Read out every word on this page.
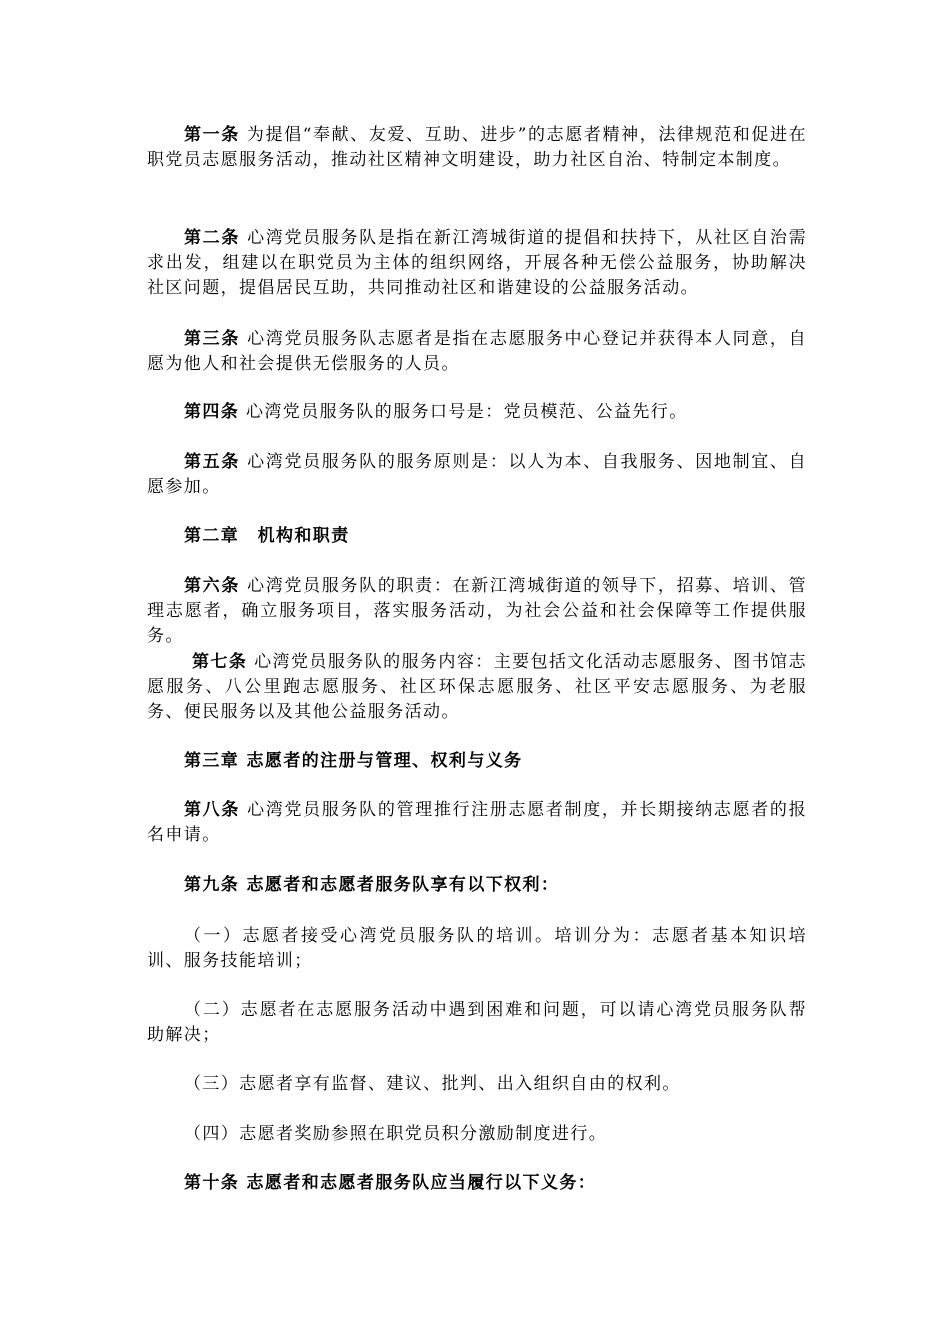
第一条 为提倡“奉献、友爱、互助、进步”的志愿者精神，法律规范和促进在职党员志愿服务活动，推动社区精神文明建设，助力社区自治、特制定本制度。

第二条 心湾党员服务队是指在新江湾城街道的提倡和扶持下，从社区自治需求出发，组建以在职党员为主体的组织网络，开展各种无偿公益服务，协助解决社区问题，提倡居民互助，共同推动社区和谐建设的公益服务活动。

第三条 心湾党员服务队志愿者是指在志愿服务中心登记并获得本人同意，自愿为他人和社会提供无偿服务的人员。

第四条 心湾党员服务队的服务口号是：党员模范、公益先行。

第五条 心湾党员服务队的服务原则是：以人为本、自我服务、因地制宜、自愿参加。

第二章　机构和职责

第六条 心湾党员服务队的职责：在新江湾城街道的领导下，招募、培训、管理志愿者，确立服务项目，落实服务活动，为社会公益和社会保障等工作提供服务。

第七条 心湾党员服务队的服务内容：主要包括文化活动志愿服务、图书馆志愿服务、八公里跑志愿服务、社区环保志愿服务、社区平安志愿服务、为老服务、便民服务以及其他公益服务活动。

第三章 志愿者的注册与管理、权利与义务

第八条 心湾党员服务队的管理推行注册志愿者制度，并长期接纳志愿者的报名申请。

第九条 志愿者和志愿者服务队享有以下权利：

（一）志愿者接受心湾党员服务队的培训。培训分为：志愿者基本知识培训、服务技能培训；

（二）志愿者在志愿服务活动中遇到困难和问题，可以请心湾党员服务队帮助解决；

（三）志愿者享有监督、建议、批判、出入组织自由的权利。

（四）志愿者奖励参照在职党员积分激励制度进行。

第十条 志愿者和志愿者服务队应当履行以下义务：
